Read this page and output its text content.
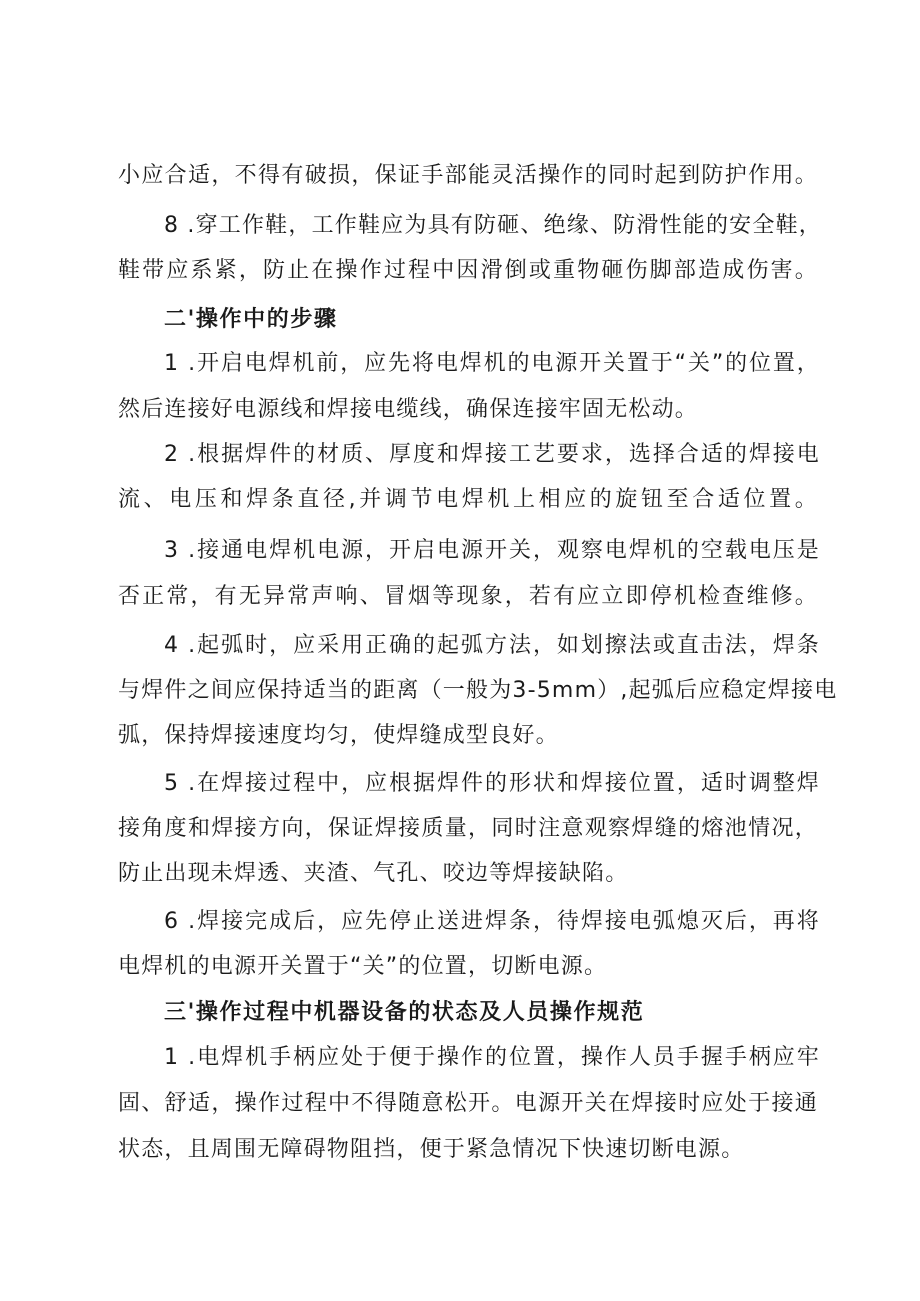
小应合适，不得有破损，保证手部能灵活操作的同时起到防护作用。
8 .穿工作鞋，工作鞋应为具有防砸、绝缘、防滑性能的安全鞋，
鞋带应系紧，防止在操作过程中因滑倒或重物砸伤脚部造成伤害。
二'操作中的步骤
1 .开启电焊机前，应先将电焊机的电源开关置于“关”的位置，
然后连接好电源线和焊接电缆线，确保连接牢固无松动。
2 .根据焊件的材质、厚度和焊接工艺要求，选择合适的焊接电
流、电压和焊条直径,并调节电焊机上相应的旋钮至合适位置。
3 .接通电焊机电源，开启电源开关，观察电焊机的空载电压是
否正常，有无异常声响、冒烟等现象，若有应立即停机检查维修。
4 .起弧时，应采用正确的起弧方法，如划擦法或直击法，焊条
与焊件之间应保持适当的距离（一般为3-5mm）,起弧后应稳定焊接电
弧，保持焊接速度均匀，使焊缝成型良好。
5 .在焊接过程中，应根据焊件的形状和焊接位置，适时调整焊
接角度和焊接方向，保证焊接质量，同时注意观察焊缝的熔池情况，
防止出现未焊透、夹渣、气孔、咬边等焊接缺陷。
6 .焊接完成后，应先停止送进焊条，待焊接电弧熄灭后，再将
电焊机的电源开关置于“关”的位置，切断电源。
三'操作过程中机器设备的状态及人员操作规范
1 .电焊机手柄应处于便于操作的位置，操作人员手握手柄应牢
固、舒适，操作过程中不得随意松开。电源开关在焊接时应处于接通
状态，且周围无障碍物阻挡，便于紧急情况下快速切断电源。
